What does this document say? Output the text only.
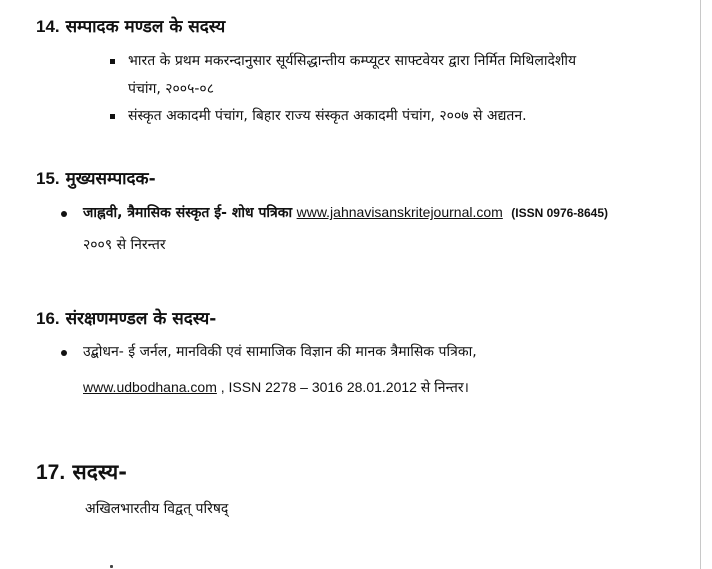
14. सम्पादक मण्डल के सदस्य
भारत के प्रथम मकरन्दानुसार सूर्यसिद्धान्तीय कम्प्यूटर साफ्टवेयर द्वारा निर्मित मिथिलादेशीय
पंचांग, २००५-०८
संस्कृत अकादमी पंचांग, बिहार राज्य संस्कृत अकादमी पंचांग, २००७ से अद्यतन.
15. मुख्यसम्पादक-
जाह्नवी, त्रैमासिक संस्कृत ई- शोध पत्रिका www.jahnavisanskritejournal.com (ISSN 0976-8645)
२००९ से निरन्तर
16. संरक्षणमण्डल के सदस्य-
उद्बोधन- ई जर्नल, मानविकी एवं सामाजिक विज्ञान की मानक त्रैमासिक पत्रिका,
www.udbodhana.com , ISSN 2278 – 3016 28.01.2012 से निन्तर।
17. सदस्य-
अखिलभारतीय विद्वत् परिषद्
